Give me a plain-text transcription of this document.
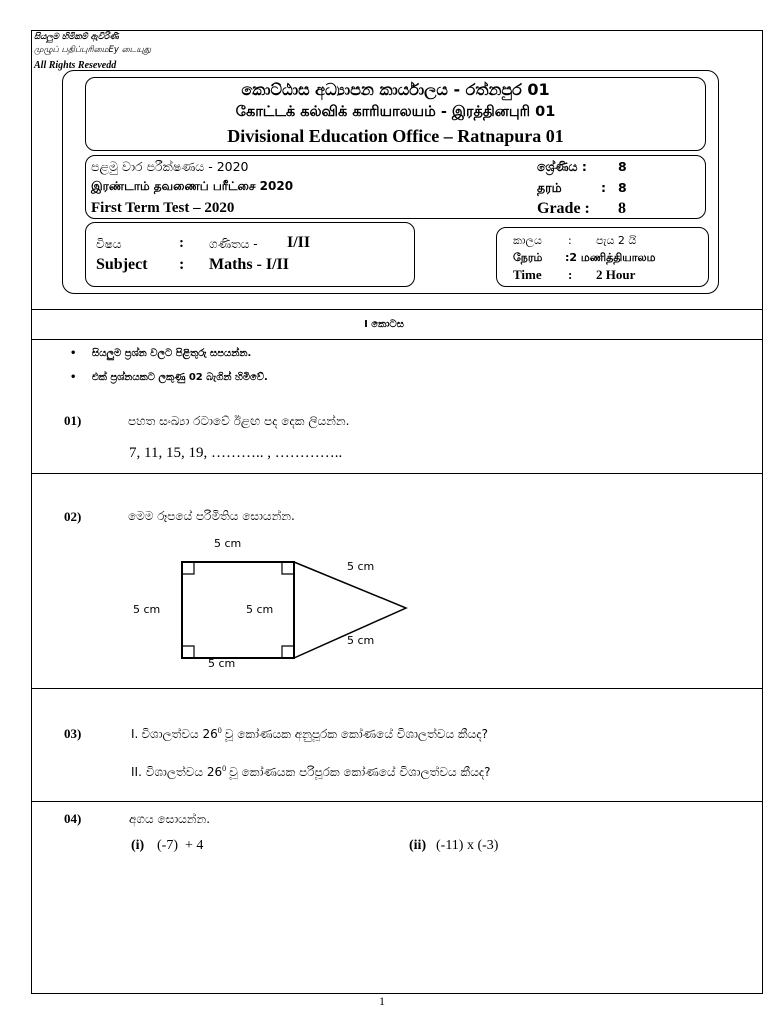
සියලුම හිමිකම් ඇවිරිණි
முழுப் பதிப்புரிமைEy டையுது
All Rights Resevedd
කොට්ඨාස අධ්‍යාපන කාර්යාලය - රත්නපුර 01
கோட்டக் கல்விக் காரியாலயம் - இரத்தினபுரி 01
Divisional Education Office – Ratnapura 01
පළමු වාර පරීක්ෂණය - 2020
இரண்டாம் தவணைப் பரீட்சை 2020
First Term Test – 2020
ශ්‍රේණිය : 8
தரம்	: 8
Grade : 8
විෂය	: ගණිතය - I/II
Subject : Maths - I/II
කාලය : පැය 2 යි
நேரம் :2 மணித்தியாலம
Time : 2 Hour
I කොටස
• සියලුම ප්‍රශ්න වලට පිළිතුරු සපයන්න.
• එක් ප්‍රශ්නයකට ලකුණු 02 බැගින් හිමිවේ.
01)	පහත සංඛ්‍යා රටාවේ ඊළඟ පද දෙක ලියන්න.
7, 11, 15, 19, ……….. , …………..
02)	මෙම රූපයේ පරිමිතිය සොයන්න.
5 cm
5 cm	5 cm
5 cm
5 cm
5 cm
03)	I. විශාලත්වය $26^0$ වූ කෝණයක අනුපූරක කෝණයේ විශාලත්වය කීයද?
II. විශාලත්වය $26^0$ වූ කෝණයක පරිපූරක කෝණයේ විශාලත්වය කීයද?
04)	අගය සොයන්න.
(i) (-7)  + 4	(ii) (-11) x (-3)
1
